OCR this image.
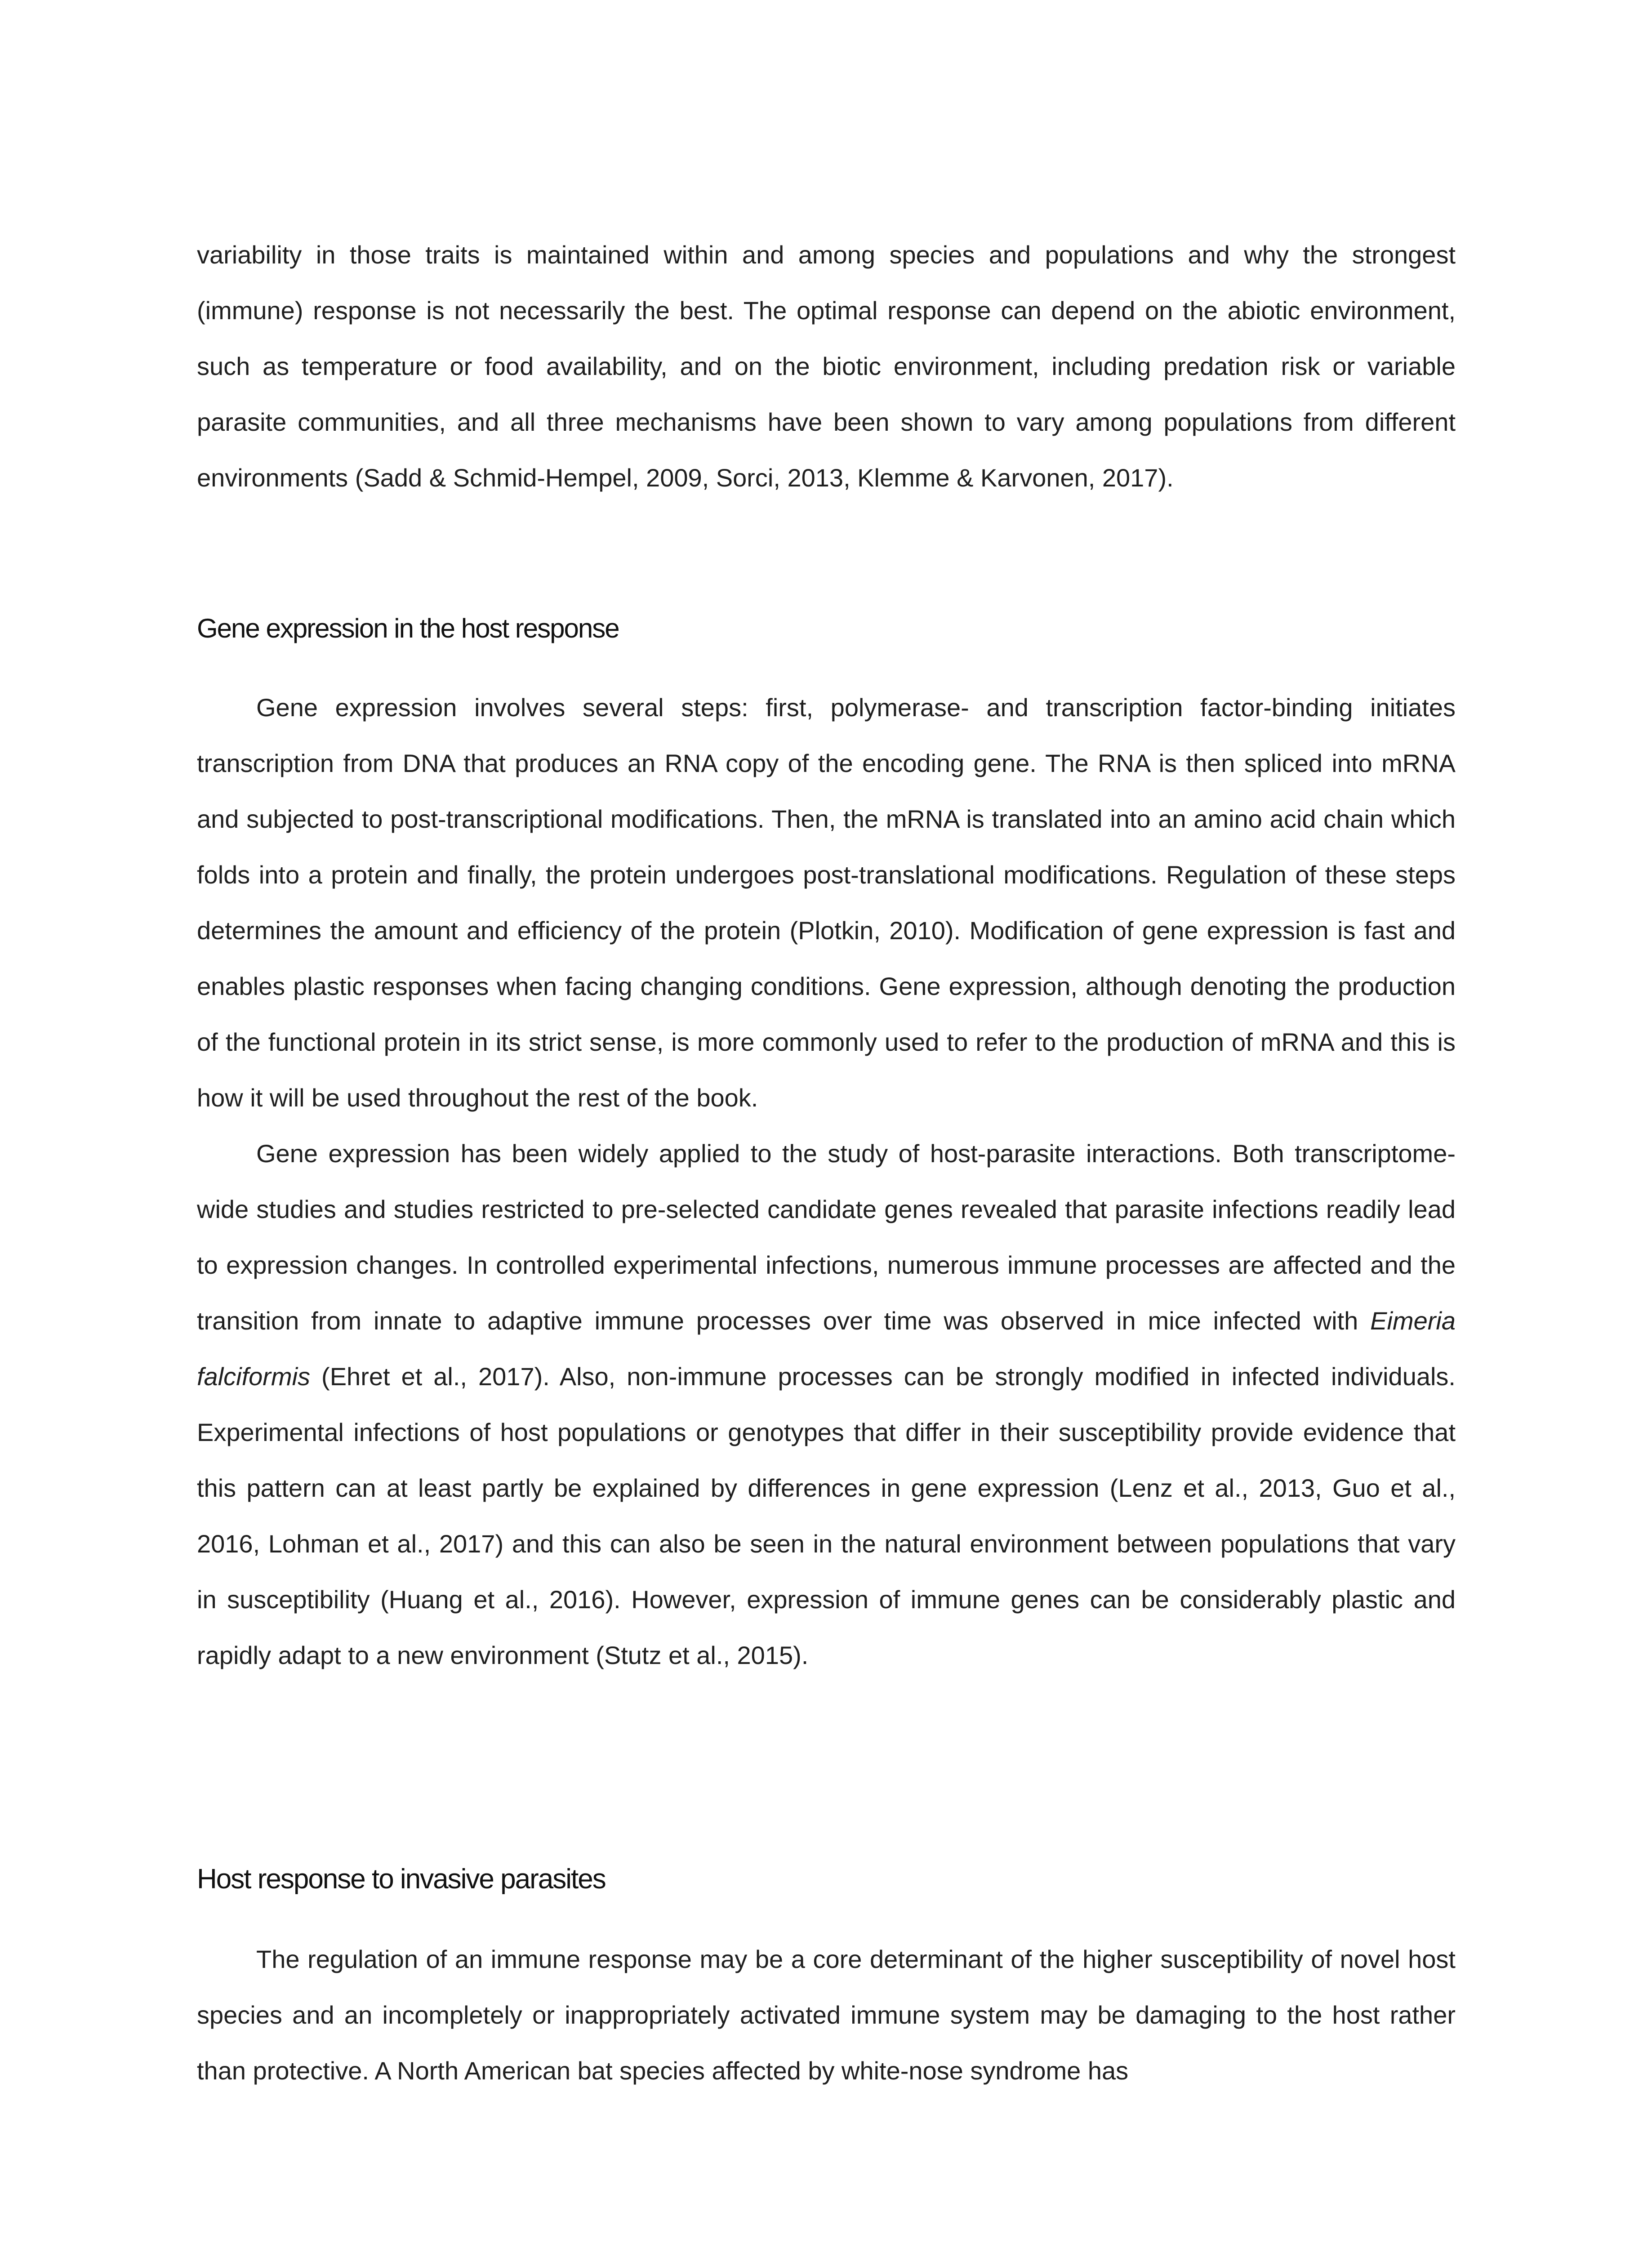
variability in those traits is maintained within and among species and populations and why the strongest (immune) response is not necessarily the best. The optimal response can depend on the abiotic environment, such as temperature or food availability, and on the biotic environment, including predation risk or variable parasite communities, and all three mechanisms have been shown to vary among populations from different environments (Sadd & Schmid-Hempel, 2009, Sorci, 2013, Klemme & Karvonen, 2017).

Gene expression in the host response

Gene expression involves several steps: first, polymerase- and transcription factor-binding initiates transcription from DNA that produces an RNA copy of the encoding gene. The RNA is then spliced into mRNA and subjected to post-transcriptional modifications. Then, the mRNA is translated into an amino acid chain which folds into a protein and finally, the protein undergoes post-translational modifications. Regulation of these steps determines the amount and efficiency of the protein (Plotkin, 2010). Modification of gene expression is fast and enables plastic responses when facing changing conditions. Gene expression, although denoting the production of the functional protein in its strict sense, is more commonly used to refer to the production of mRNA and this is how it will be used throughout the rest of the book.

Gene expression has been widely applied to the study of host-parasite interactions. Both transcriptome-wide studies and studies restricted to pre-selected candidate genes revealed that parasite infections readily lead to expression changes. In controlled experimental infections, numerous immune processes are affected and the transition from innate to adaptive immune processes over time was observed in mice infected with Eimeria falciformis (Ehret et al., 2017). Also, non-immune processes can be strongly modified in infected individuals. Experimental infections of host populations or genotypes that differ in their susceptibility provide evidence that this pattern can at least partly be explained by differences in gene expression (Lenz et al., 2013, Guo et al., 2016, Lohman et al., 2017) and this can also be seen in the natural environment between populations that vary in susceptibility (Huang et al., 2016). However, expression of immune genes can be considerably plastic and rapidly adapt to a new environment (Stutz et al., 2015).

Host response to invasive parasites

The regulation of an immune response may be a core determinant of the higher susceptibility of novel host species and an incompletely or inappropriately activated immune system may be damaging to the host rather than protective. A North American bat species affected by white-nose syndrome has
